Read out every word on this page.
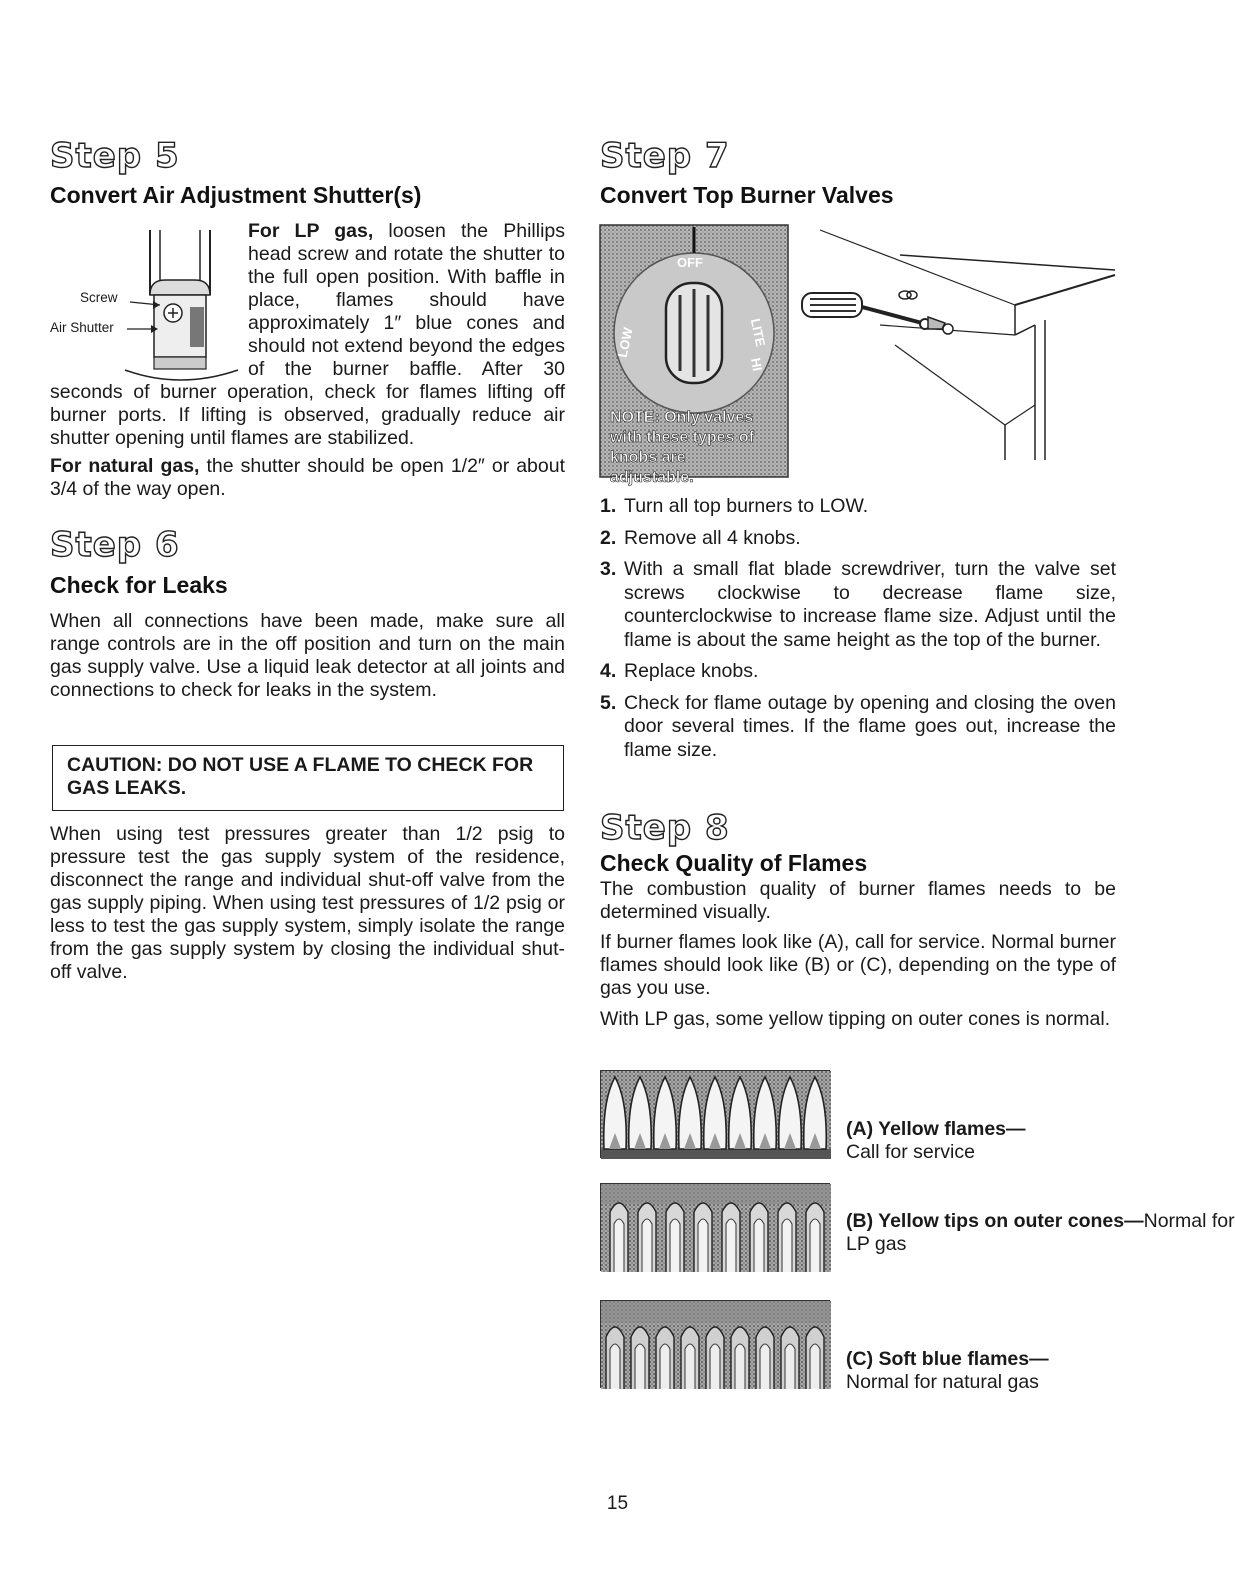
Step 5
Convert Air Adjustment Shutter(s)
Screw
Air Shutter

For LP gas, loosen the Phillips head screw and rotate the shutter to the full open position. With baffle in place, flames should have approximately 1″ blue cones and should not extend beyond the edges of the burner baffle. After 30 seconds of burner operation, check for flames lifting off burner ports. If lifting is observed, gradually reduce air shutter opening until flames are stabilized.

For natural gas, the shutter should be open 1/2″ or about 3/4 of the way open.

Step 6
Check for Leaks

When all connections have been made, make sure all range controls are in the off position and turn on the main gas supply valve. Use a liquid leak detector at all joints and connections to check for leaks in the system.

CAUTION: DO NOT USE A FLAME TO CHECK FOR GAS LEAKS.

When using test pressures greater than 1/2 psig to pressure test the gas supply system of the residence, disconnect the range and individual shut-off valve from the gas supply piping. When using test pressures of 1/2 psig or less to test the gas supply system, simply isolate the range from the gas supply system by closing the individual shut-off valve.

Step 7
Convert Top Burner Valves
OFF
LOW	LITE
HI
NOTE: Only valves with these types of knobs are adjustable.
1. Turn all top burners to LOW.
2. Remove all 4 knobs.
3. With a small flat blade screwdriver, turn the valve set screws clockwise to decrease flame size, counterclockwise to increase flame size. Adjust until the flame is about the same height as the top of the burner.
4. Replace knobs.
5. Check for flame outage by opening and closing the oven door several times. If the flame goes out, increase the flame size.
Step 8
Check Quality of Flames

The combustion quality of burner flames needs to be determined visually.

If burner flames look like (A), call for service. Normal burner flames should look like (B) or (C), depending on the type of gas you use.

With LP gas, some yellow tipping on outer cones is normal.

(A) Yellow flames—
Call for service
(B) Yellow tips on outer cones—Normal for LP gas
(C) Soft blue flames—
Normal for natural gas
15
